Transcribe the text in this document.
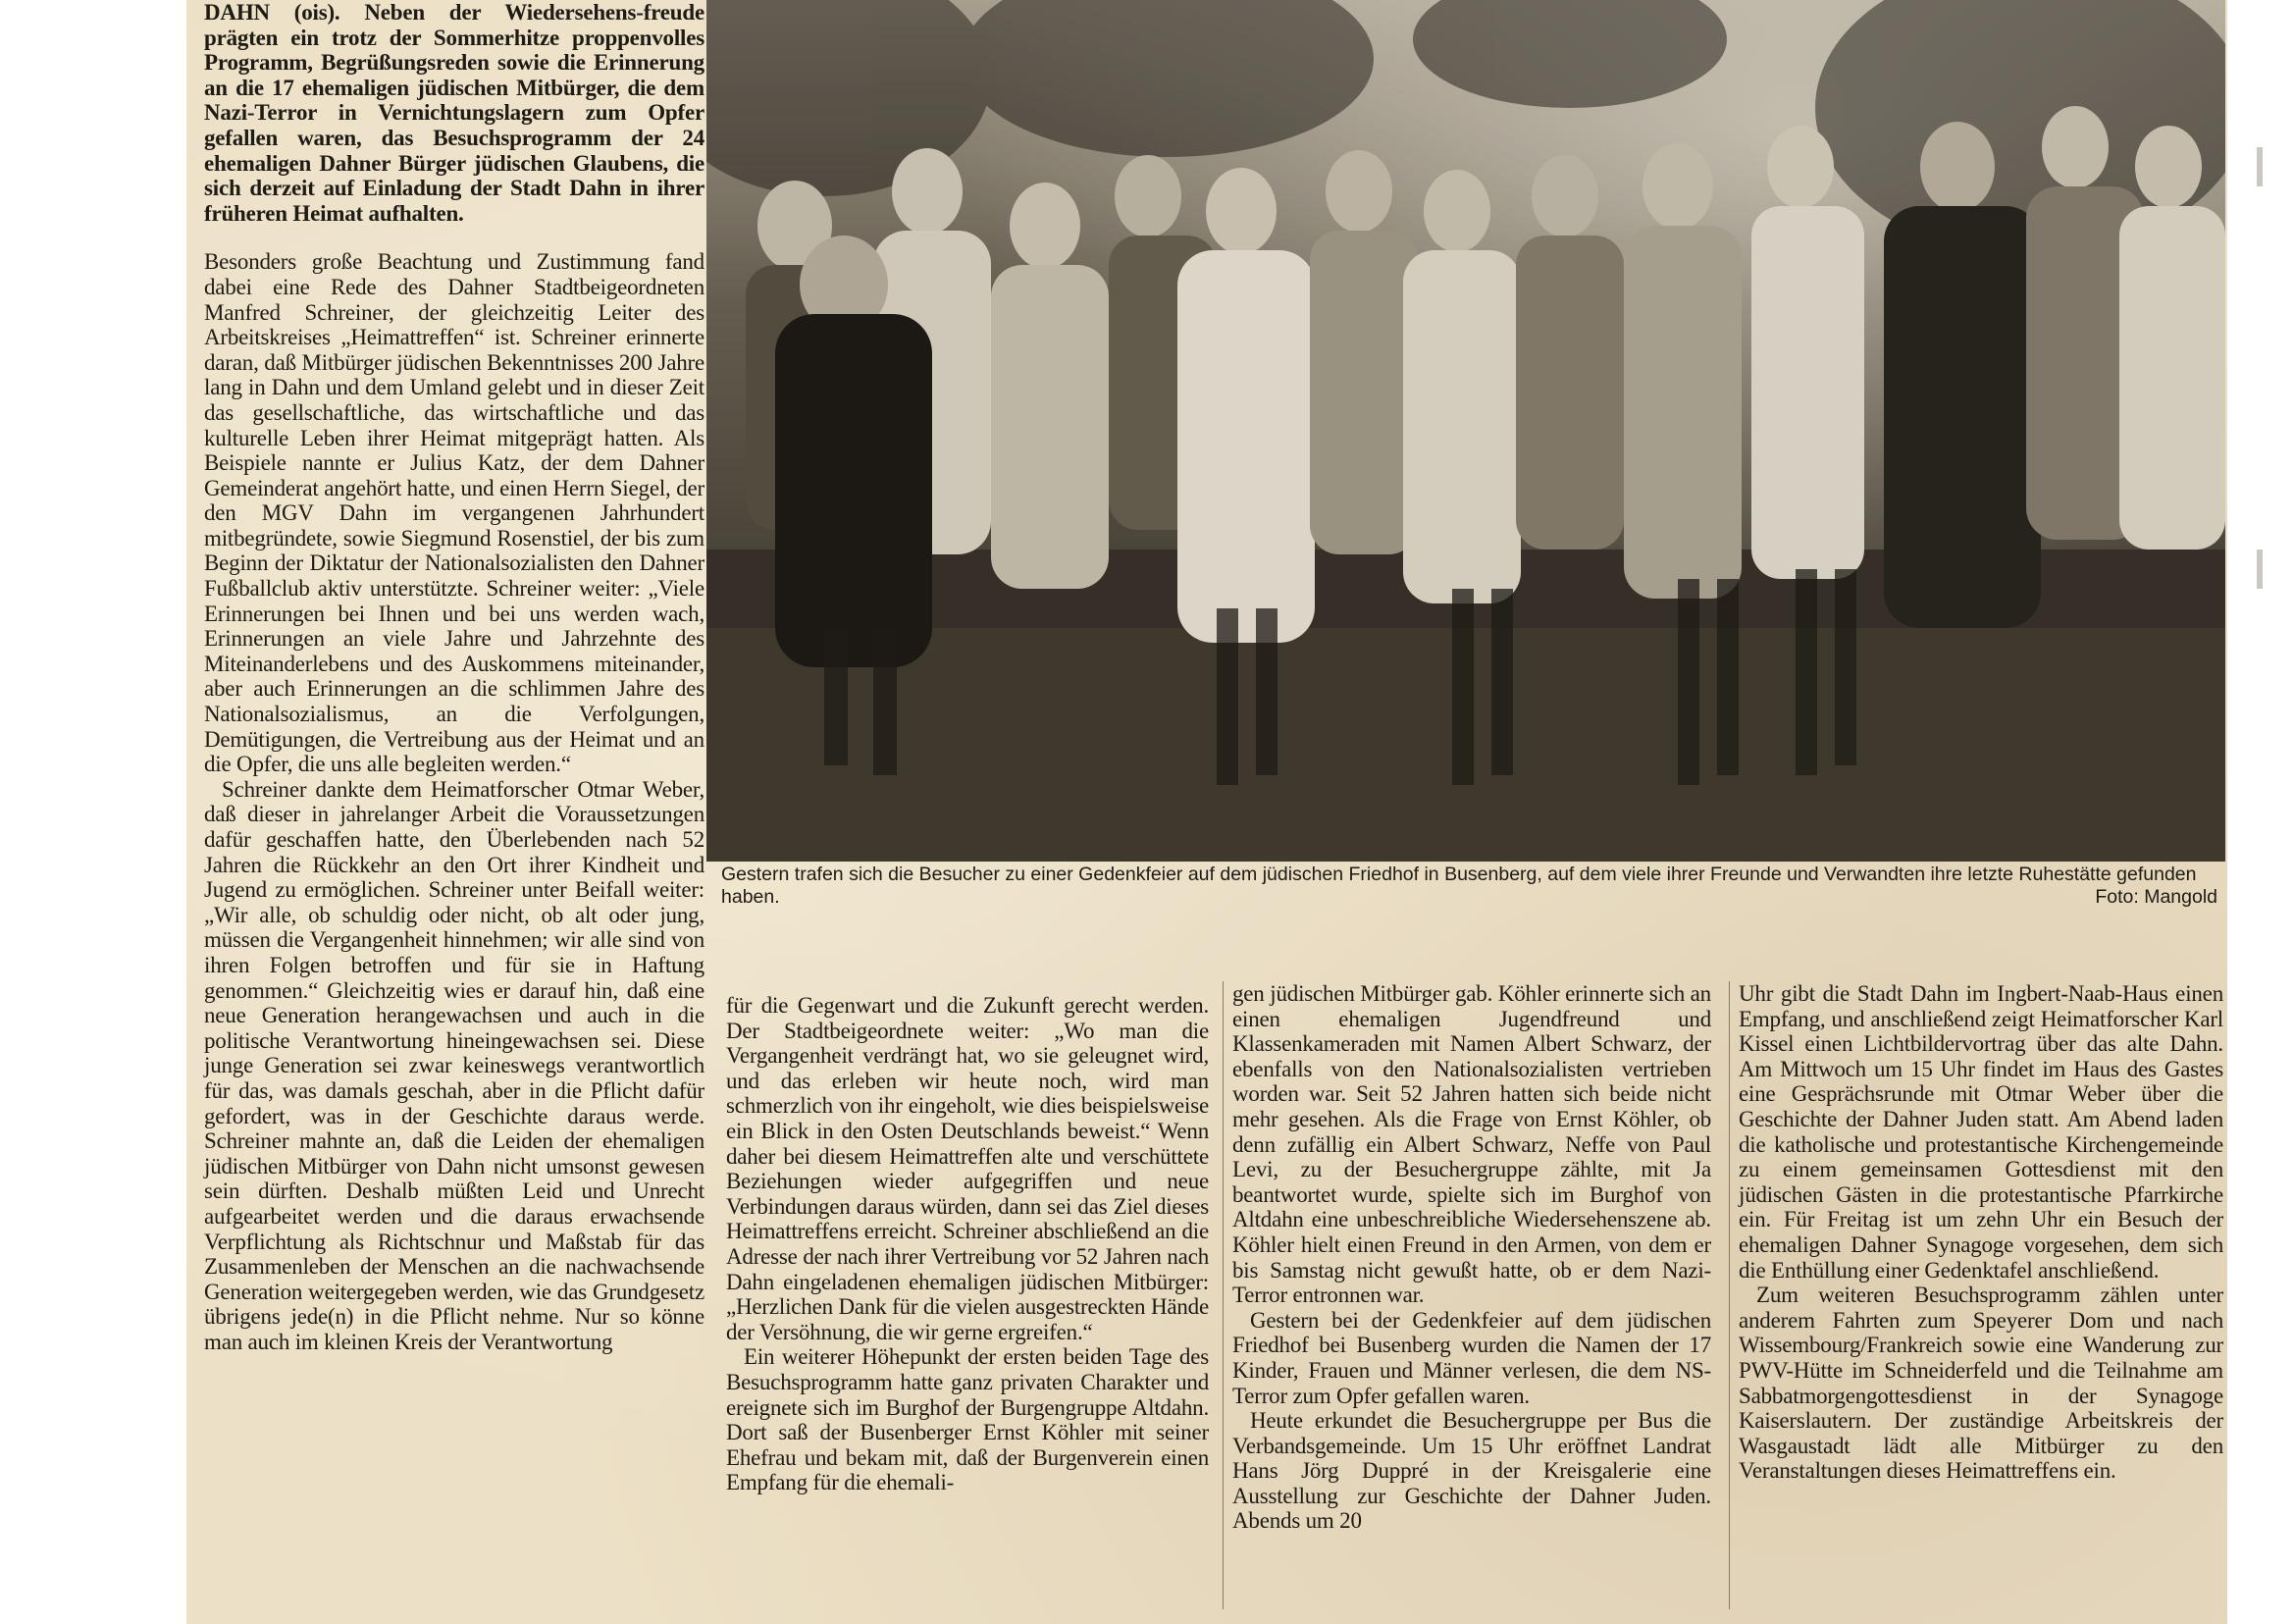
DAHN (ois). Neben der Wiedersehens-freude prägten ein trotz der Sommerhitze proppenvolles Programm, Begrüßungsreden sowie die Erinnerung an die 17 ehemaligen jüdischen Mitbürger, die dem Nazi-Terror in Vernichtungslagern zum Opfer gefallen waren, das Besuchsprogramm der 24 ehemaligen Dahner Bürger jüdischen Glaubens, die sich derzeit auf Einladung der Stadt Dahn in ihrer früheren Heimat aufhalten.
Besonders große Beachtung und Zustimmung fand dabei eine Rede des Dahner Stadtbeigeordneten Manfred Schreiner, der gleichzeitig Leiter des Arbeitskreises „Heimattreffen“ ist. Schreiner erinnerte daran, daß Mitbürger jüdischen Bekenntnisses 200 Jahre lang in Dahn und dem Umland gelebt und in dieser Zeit das gesellschaftliche, das wirtschaftliche und das kulturelle Leben ihrer Heimat mitgeprägt hatten. Als Beispiele nannte er Julius Katz, der dem Dahner Gemeinderat angehört hatte, und einen Herrn Siegel, der den MGV Dahn im vergangenen Jahrhundert mitbegründete, sowie Siegmund Rosenstiel, der bis zum Beginn der Diktatur der Nationalsozialisten den Dahner Fußballclub aktiv unterstützte. Schreiner weiter: „Viele Erinnerungen bei Ihnen und bei uns werden wach, Erinnerungen an viele Jahre und Jahrzehnte des Miteinanderlebens und des Auskommens miteinander, aber auch Erinnerungen an die schlimmen Jahre des Nationalsozialismus, an die Verfolgungen, Demütigungen, die Vertreibung aus der Heimat und an die Opfer, die uns alle begleiten werden.“
Schreiner dankte dem Heimatforscher Otmar Weber, daß dieser in jahrelanger Arbeit die Voraussetzungen dafür geschaffen hatte, den Überlebenden nach 52 Jahren die Rückkehr an den Ort ihrer Kindheit und Jugend zu ermöglichen. Schreiner unter Beifall weiter: „Wir alle, ob schuldig oder nicht, ob alt oder jung, müssen die Vergangenheit hinnehmen; wir alle sind von ihren Folgen betroffen und für sie in Haftung genommen.“ Gleichzeitig wies er darauf hin, daß eine neue Generation herangewachsen und auch in die politische Verantwortung hineingewachsen sei. Diese junge Generation sei zwar keineswegs verantwortlich für das, was damals geschah, aber in die Pflicht dafür gefordert, was in der Geschichte daraus werde. Schreiner mahnte an, daß die Leiden der ehemaligen jüdischen Mitbürger von Dahn nicht umsonst gewesen sein dürften. Deshalb müßten Leid und Unrecht aufgearbeitet werden und die daraus erwachsende Verpflichtung als Richtschnur und Maßstab für das Zusammenleben der Menschen an die nachwachsende Generation weitergegeben werden, wie das Grundgesetz übrigens jede(n) in die Pflicht nehme. Nur so könne man auch im kleinen Kreis der Verantwortung
Gestern trafen sich die Besucher zu einer Gedenkfeier auf dem jüdischen Friedhof in Busenberg, auf dem viele ihrer Freunde und Verwandten ihre letzte Ruhestätte gefunden haben.	Foto: Mangold
für die Gegenwart und die Zukunft gerecht werden. Der Stadtbeigeordnete weiter: „Wo man die Vergangenheit verdrängt hat, wo sie geleugnet wird, und das erleben wir heute noch, wird man schmerzlich von ihr eingeholt, wie dies beispielsweise ein Blick in den Osten Deutschlands beweist.“ Wenn daher bei diesem Heimattreffen alte und verschüttete Beziehungen wieder aufgegriffen und neue Verbindungen daraus würden, dann sei das Ziel dieses Heimattreffens erreicht. Schreiner abschließend an die Adresse der nach ihrer Vertreibung vor 52 Jahren nach Dahn eingeladenen ehemaligen jüdischen Mitbürger: „Herzlichen Dank für die vielen ausgestreckten Hände der Versöhnung, die wir gerne ergreifen.“
Ein weiterer Höhepunkt der ersten beiden Tage des Besuchsprogramm hatte ganz privaten Charakter und ereignete sich im Burghof der Burgengruppe Altdahn. Dort saß der Busenberger Ernst Köhler mit seiner Ehefrau und bekam mit, daß der Burgenverein einen Empfang für die ehemali-
gen jüdischen Mitbürger gab. Köhler erinnerte sich an einen ehemaligen Jugendfreund und Klassenkameraden mit Namen Albert Schwarz, der ebenfalls von den Nationalsozialisten vertrieben worden war. Seit 52 Jahren hatten sich beide nicht mehr gesehen. Als die Frage von Ernst Köhler, ob denn zufällig ein Albert Schwarz, Neffe von Paul Levi, zu der Besuchergruppe zählte, mit Ja beantwortet wurde, spielte sich im Burghof von Altdahn eine unbeschreibliche Wiedersehenszene ab. Köhler hielt einen Freund in den Armen, von dem er bis Samstag nicht gewußt hatte, ob er dem Nazi-Terror entronnen war.
Gestern bei der Gedenkfeier auf dem jüdischen Friedhof bei Busenberg wurden die Namen der 17 Kinder, Frauen und Männer verlesen, die dem NS-Terror zum Opfer gefallen waren.
Heute erkundet die Besuchergruppe per Bus die Verbandsgemeinde. Um 15 Uhr eröffnet Landrat Hans Jörg Duppré in der Kreisgalerie eine Ausstellung zur Geschichte der Dahner Juden. Abends um 20
Uhr gibt die Stadt Dahn im Ingbert-Naab-Haus einen Empfang, und anschließend zeigt Heimatforscher Karl Kissel einen Lichtbildervortrag über das alte Dahn. Am Mittwoch um 15 Uhr findet im Haus des Gastes eine Gesprächsrunde mit Otmar Weber über die Geschichte der Dahner Juden statt. Am Abend laden die katholische und protestantische Kirchengemeinde zu einem gemeinsamen Gottesdienst mit den jüdischen Gästen in die protestantische Pfarrkirche ein. Für Freitag ist um zehn Uhr ein Besuch der ehemaligen Dahner Synagoge vorgesehen, dem sich die Enthüllung einer Gedenktafel anschließend.
Zum weiteren Besuchsprogramm zählen unter anderem Fahrten zum Speyerer Dom und nach Wissembourg/Frankreich sowie eine Wanderung zur PWV-Hütte im Schneiderfeld und die Teilnahme am Sabbatmorgengottesdienst in der Synagoge Kaiserslautern. Der zuständige Arbeitskreis der Wasgaustadt lädt alle Mitbürger zu den Veranstaltungen dieses Heimattreffens ein.
